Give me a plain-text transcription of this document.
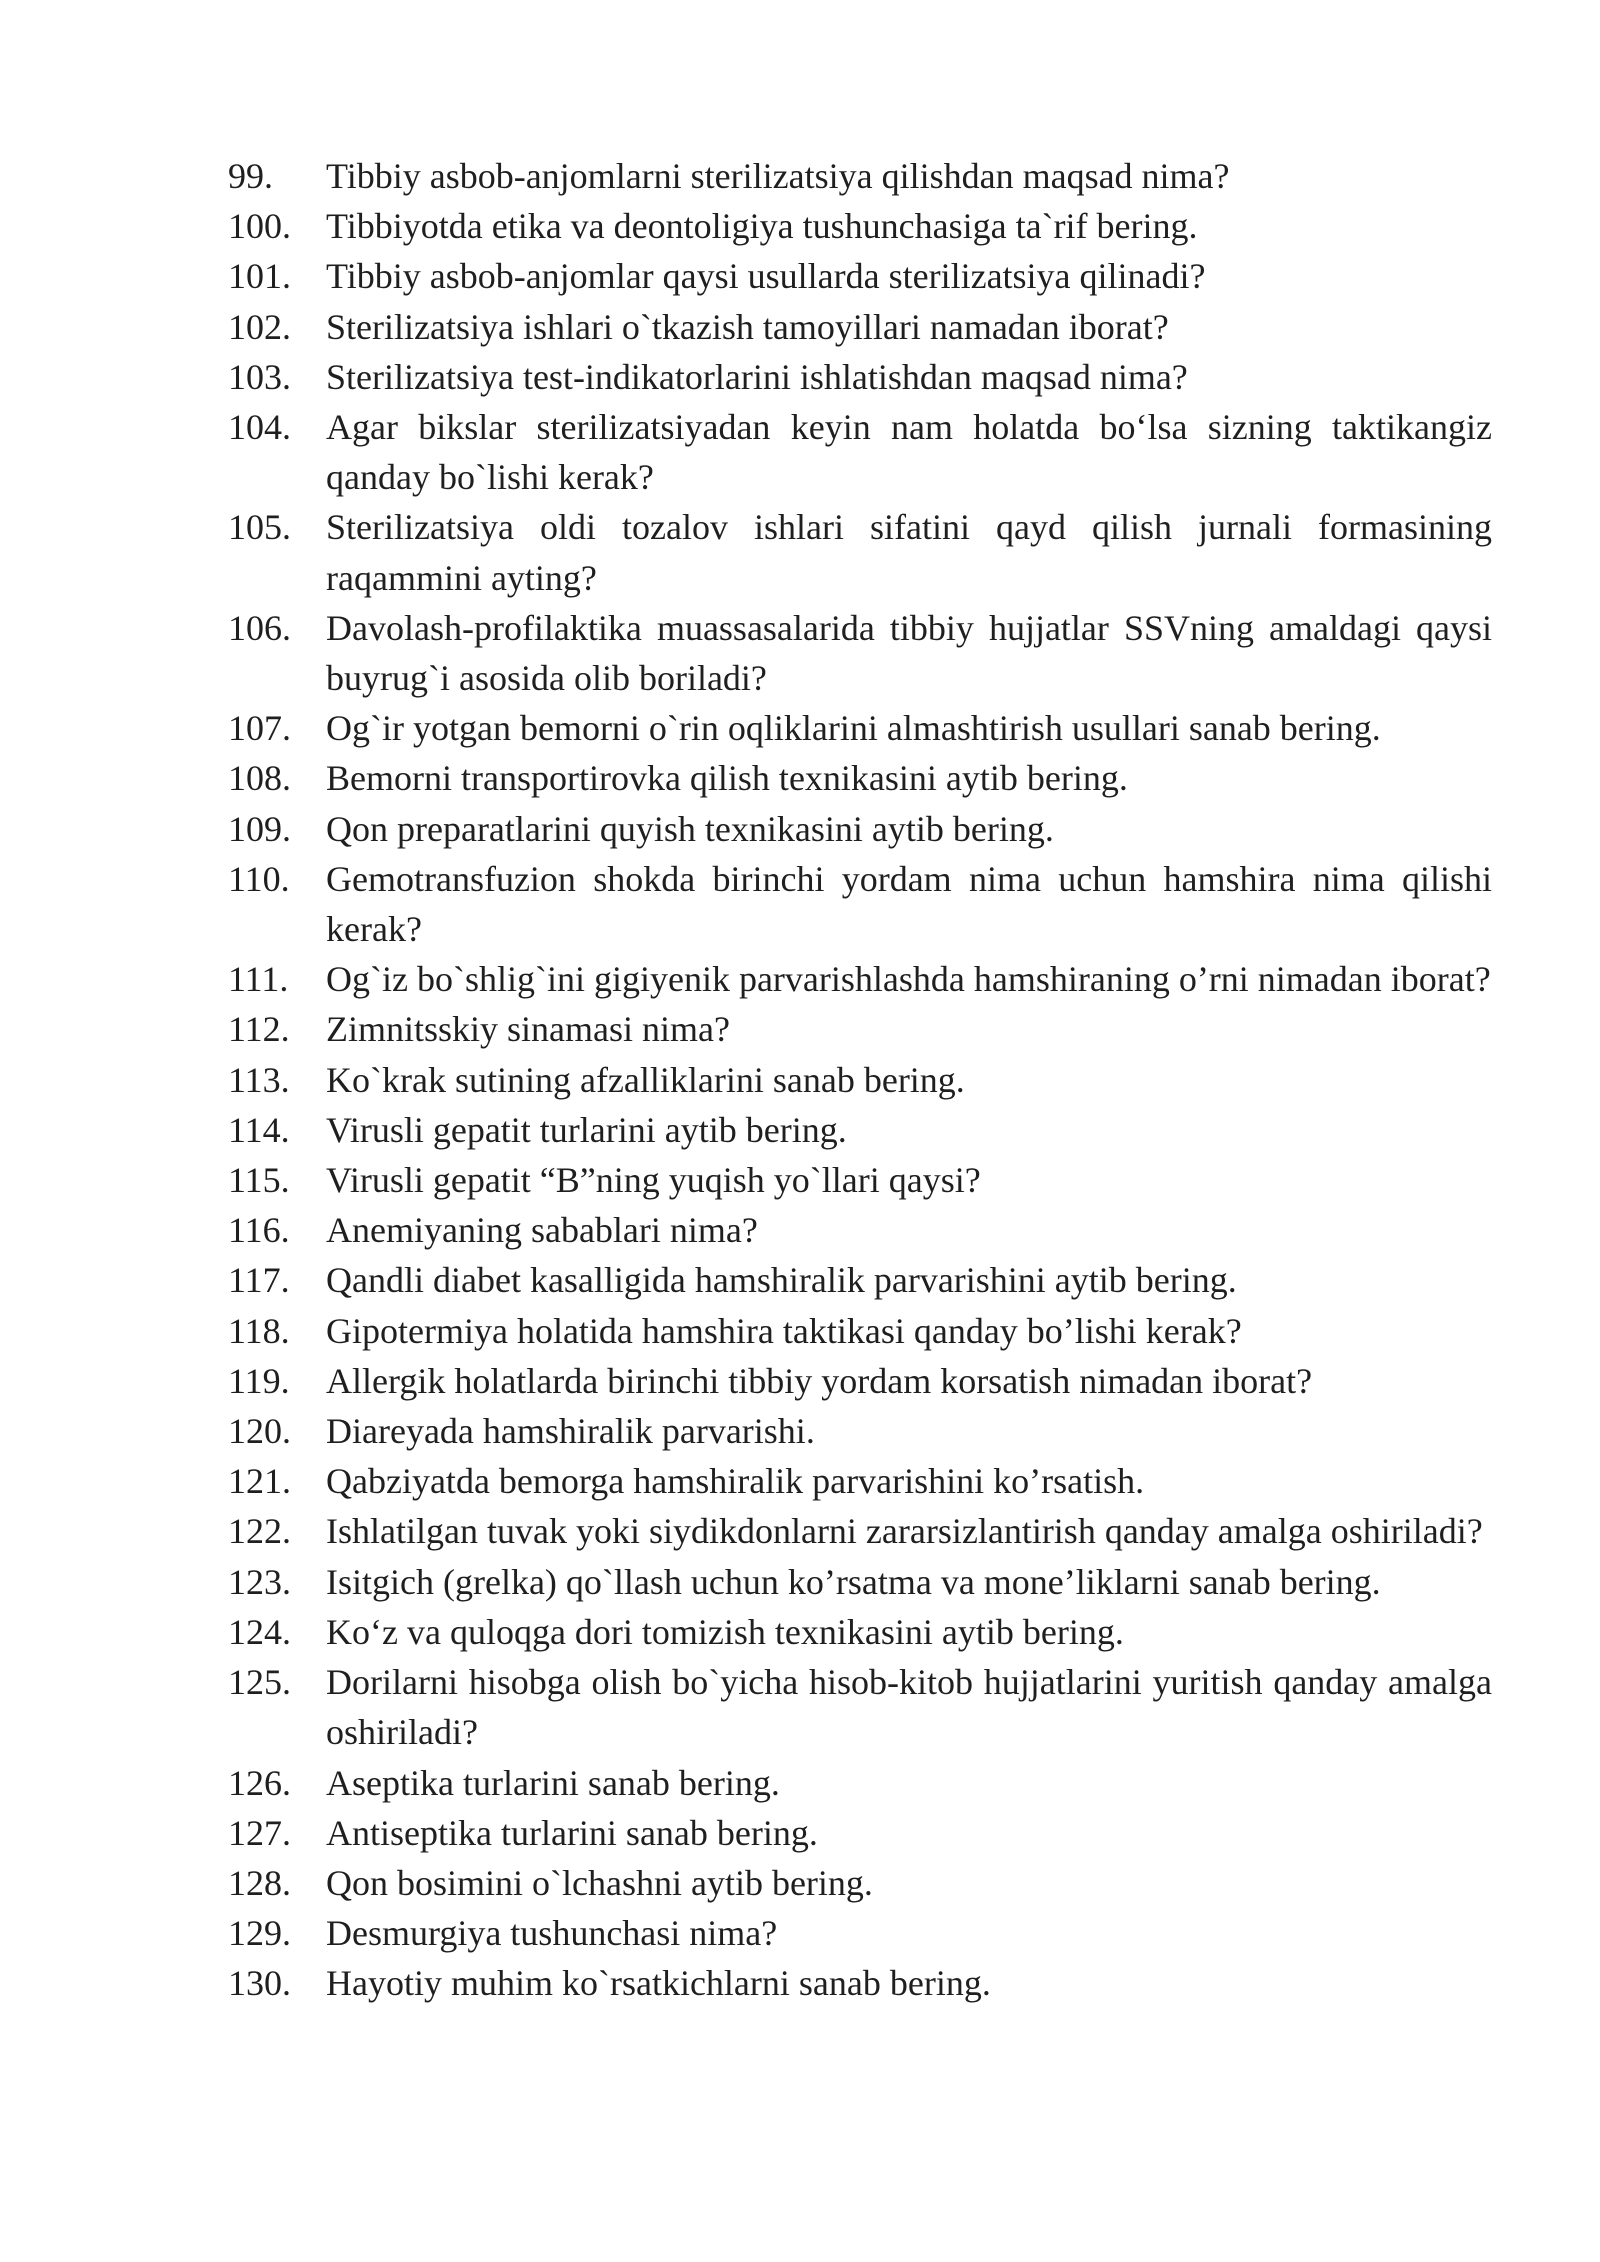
99.	Tibbiy asbob-anjomlarni sterilizatsiya qilishdan maqsad nima?
100. Tibbiyotda etika va deontoligiya tushunchasiga ta`rif bering.
101. Tibbiy asbob-anjomlar qaysi usullarda sterilizatsiya qilinadi?
102. Sterilizatsiya ishlari o`tkazish tamoyillari namadan iborat?
103. Sterilizatsiya test-indikatorlarini ishlatishdan maqsad nima?
104. Agar bikslar sterilizatsiyadan keyin nam holatda bo‘lsa sizning taktikangiz qanday bo`lishi kerak?
105. Sterilizatsiya oldi tozalov ishlari sifatini qayd qilish jurnali formasining raqammini ayting?
106. Davolash-profilaktika muassasalarida tibbiy hujjatlar SSVning amaldagi qaysi buyrug`i asosida olib boriladi?
107. Og`ir yotgan bemorni o`rin oqliklarini almashtirish usullari sanab bering.
108. Bemorni transportirovka qilish texnikasini aytib bering.
109. Qon preparatlarini quyish texnikasini aytib bering.
110.	Gemotransfuzion shokda birinchi yordam nima uchun hamshira nima qilishi kerak?
111.	Og`iz bo`shlig`ini gigiyenik parvarishlashda hamshiraning o’rni nimadan iborat?
112.	Zimnitsskiy sinamasi nima?
113.	Ko`krak sutining afzalliklarini sanab bering.
114.	Virusli gepatit turlarini aytib bering.
115.	Virusli gepatit “B”ning yuqish yo`llari qaysi?
116.	Anemiyaning sabablari nima?
117.	Qandli diabet kasalligida hamshiralik parvarishini aytib bering.
118.	Gipotermiya holatida hamshira taktikasi qanday bo’lishi kerak?
119.	Allergik holatlarda birinchi tibbiy yordam korsatish nimadan iborat?
120. Diareyada hamshiralik parvarishi.
121. Qabziyatda bemorga hamshiralik parvarishini ko’rsatish.
122. Ishlatilgan tuvak yoki siydikdonlarni zararsizlantirish qanday amalga oshiriladi?
123. Isitgich (grelka) qo`llash uchun ko’rsatma va mone’liklarni sanab bering.
124. Ko‘z va quloqga dori tomizish texnikasini aytib bering.
125. Dorilarni hisobga olish bo`yicha hisob-kitob hujjatlarini yuritish qanday amalga oshiriladi?
126. Aseptika turlarini sanab bering.
127. Antiseptika turlarini sanab bering.
128. Qon bosimini o`lchashni aytib bering.
129. Desmurgiya tushunchasi nima?
130. Hayotiy muhim ko`rsatkichlarni sanab bering.
